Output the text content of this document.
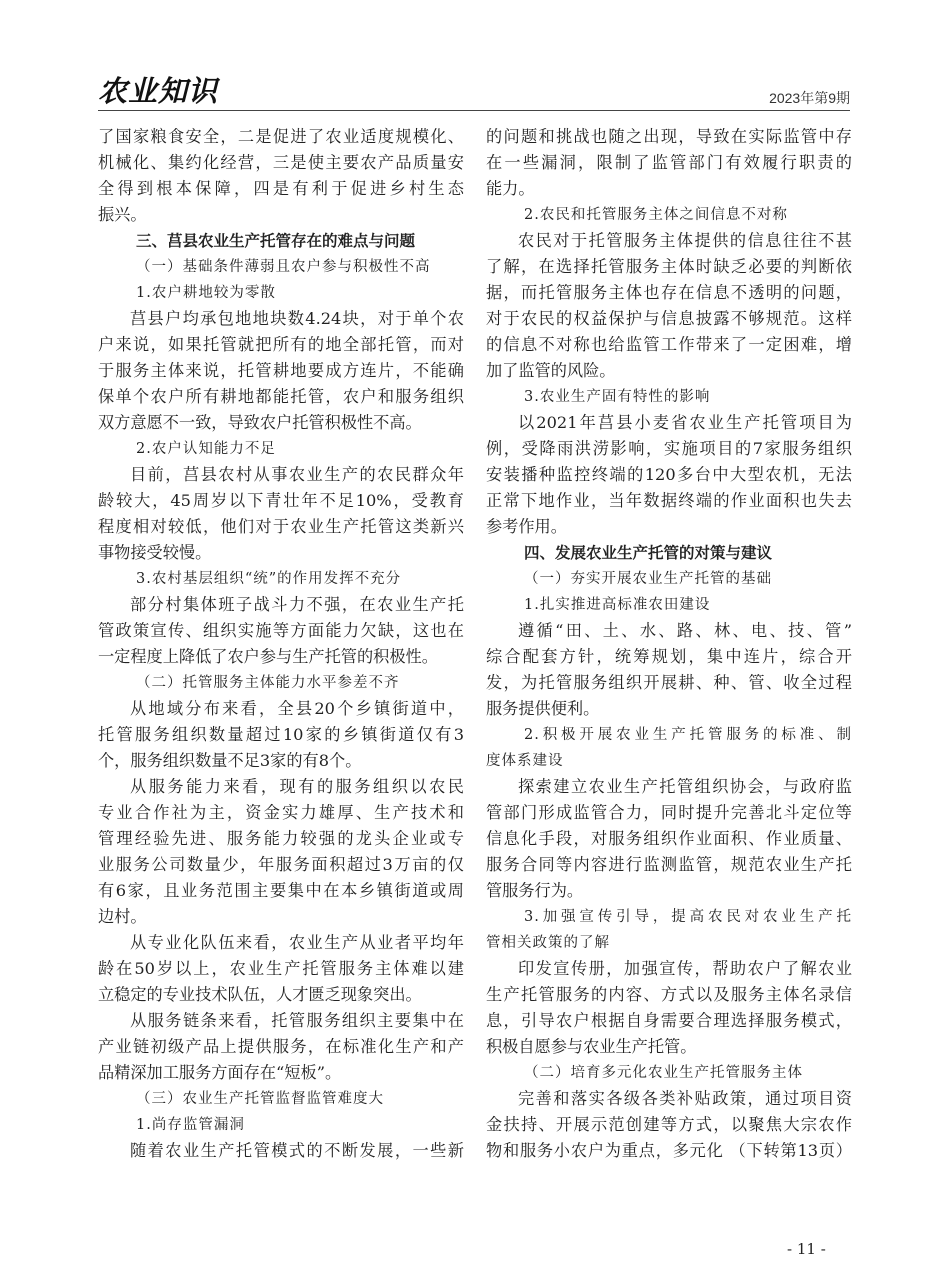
农业知识	2023年第9期
了国家粮食安全，二是促进了农业适度规模化、
机械化、集约化经营，三是使主要农产品质量安
全得到根本保障，四是有利于促进乡村生态
振兴。
三、莒县农业生产托管存在的难点与问题
（一）基础条件薄弱且农户参与积极性不高
1.农户耕地较为零散
莒县户均承包地地块数4.24块，对于单个农
户来说，如果托管就把所有的地全部托管，而对
于服务主体来说，托管耕地要成方连片，不能确
保单个农户所有耕地都能托管，农户和服务组织
双方意愿不一致，导致农户托管积极性不高。
2.农户认知能力不足
目前，莒县农村从事农业生产的农民群众年
龄较大，45周岁以下青壮年不足10%，受教育
程度相对较低，他们对于农业生产托管这类新兴
事物接受较慢。
3.农村基层组织“统”的作用发挥不充分
部分村集体班子战斗力不强，在农业生产托
管政策宣传、组织实施等方面能力欠缺，这也在
一定程度上降低了农户参与生产托管的积极性。
（二）托管服务主体能力水平参差不齐
从地域分布来看，全县20个乡镇街道中，
托管服务组织数量超过10家的乡镇街道仅有3
个，服务组织数量不足3家的有8个。
从服务能力来看，现有的服务组织以农民
专业合作社为主，资金实力雄厚、生产技术和
管理经验先进、服务能力较强的龙头企业或专
业服务公司数量少，年服务面积超过3万亩的仅
有6家，且业务范围主要集中在本乡镇街道或周
边村。
从专业化队伍来看，农业生产从业者平均年
龄在50岁以上，农业生产托管服务主体难以建
立稳定的专业技术队伍，人才匮乏现象突出。
从服务链条来看，托管服务组织主要集中在
产业链初级产品上提供服务，在标准化生产和产
品精深加工服务方面存在“短板”。
（三）农业生产托管监督监管难度大
1.尚存监管漏洞
随着农业生产托管模式的不断发展，一些新
的问题和挑战也随之出现，导致在实际监管中存
在一些漏洞，限制了监管部门有效履行职责的
能力。
2.农民和托管服务主体之间信息不对称
农民对于托管服务主体提供的信息往往不甚
了解，在选择托管服务主体时缺乏必要的判断依
据，而托管服务主体也存在信息不透明的问题，
对于农民的权益保护与信息披露不够规范。这样
的信息不对称也给监管工作带来了一定困难，增
加了监管的风险。
3.农业生产固有特性的影响
以2021年莒县小麦省农业生产托管项目为
例，受降雨洪涝影响，实施项目的7家服务组织
安装播种监控终端的120多台中大型农机，无法
正常下地作业，当年数据终端的作业面积也失去
参考作用。
四、发展农业生产托管的对策与建议
（一）夯实开展农业生产托管的基础
1.扎实推进高标准农田建设
遵循“田、土、水、路、林、电、技、管”
综合配套方针，统筹规划，集中连片，综合开
发，为托管服务组织开展耕、种、管、收全过程
服务提供便利。
2.积极开展农业生产托管服务的标准、制
度体系建设
探索建立农业生产托管组织协会，与政府监
管部门形成监管合力，同时提升完善北斗定位等
信息化手段，对服务组织作业面积、作业质量、
服务合同等内容进行监测监管，规范农业生产托
管服务行为。
3.加强宣传引导，提高农民对农业生产托
管相关政策的了解
印发宣传册，加强宣传，帮助农户了解农业
生产托管服务的内容、方式以及服务主体名录信
息，引导农户根据自身需要合理选择服务模式，
积极自愿参与农业生产托管。
（二）培育多元化农业生产托管服务主体
完善和落实各级各类补贴政策，通过项目资
金扶持、开展示范创建等方式，以聚焦大宗农作
物和服务小农户为重点，多元化 （下转第13页）
- 11 -
